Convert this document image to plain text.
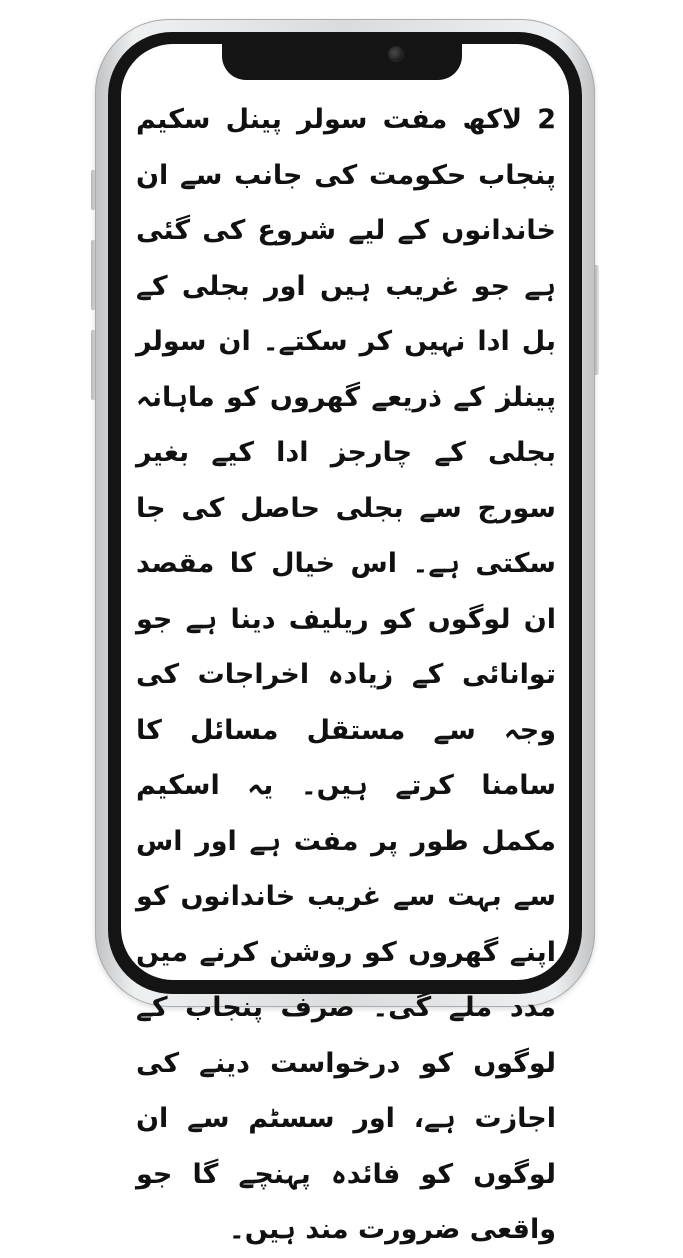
2 لاکھ مفت سولر پینل سکیم پنجاب حکومت کی جانب سے ان خاندانوں کے لیے شروع کی گئی ہے جو غریب ہیں اور بجلی کے بل ادا نہیں کر سکتے۔ ان سولر پینلز کے ذریعے گھروں کو ماہانہ بجلی کے چارجز ادا کیے بغیر سورج سے بجلی حاصل کی جا سکتی ہے۔ اس خیال کا مقصد ان لوگوں کو ریلیف دینا ہے جو توانائی کے زیادہ اخراجات کی وجہ سے مستقل مسائل کا سامنا کرتے ہیں۔ یہ اسکیم مکمل طور پر مفت ہے اور اس سے بہت سے غریب خاندانوں کو اپنے گھروں کو روشن کرنے میں مدد ملے گی۔ صرف پنجاب کے لوگوں کو درخواست دینے کی اجازت ہے، اور سسٹم سے ان لوگوں کو فائدہ پہنچے گا جو واقعی ضرورت مند ہیں۔
